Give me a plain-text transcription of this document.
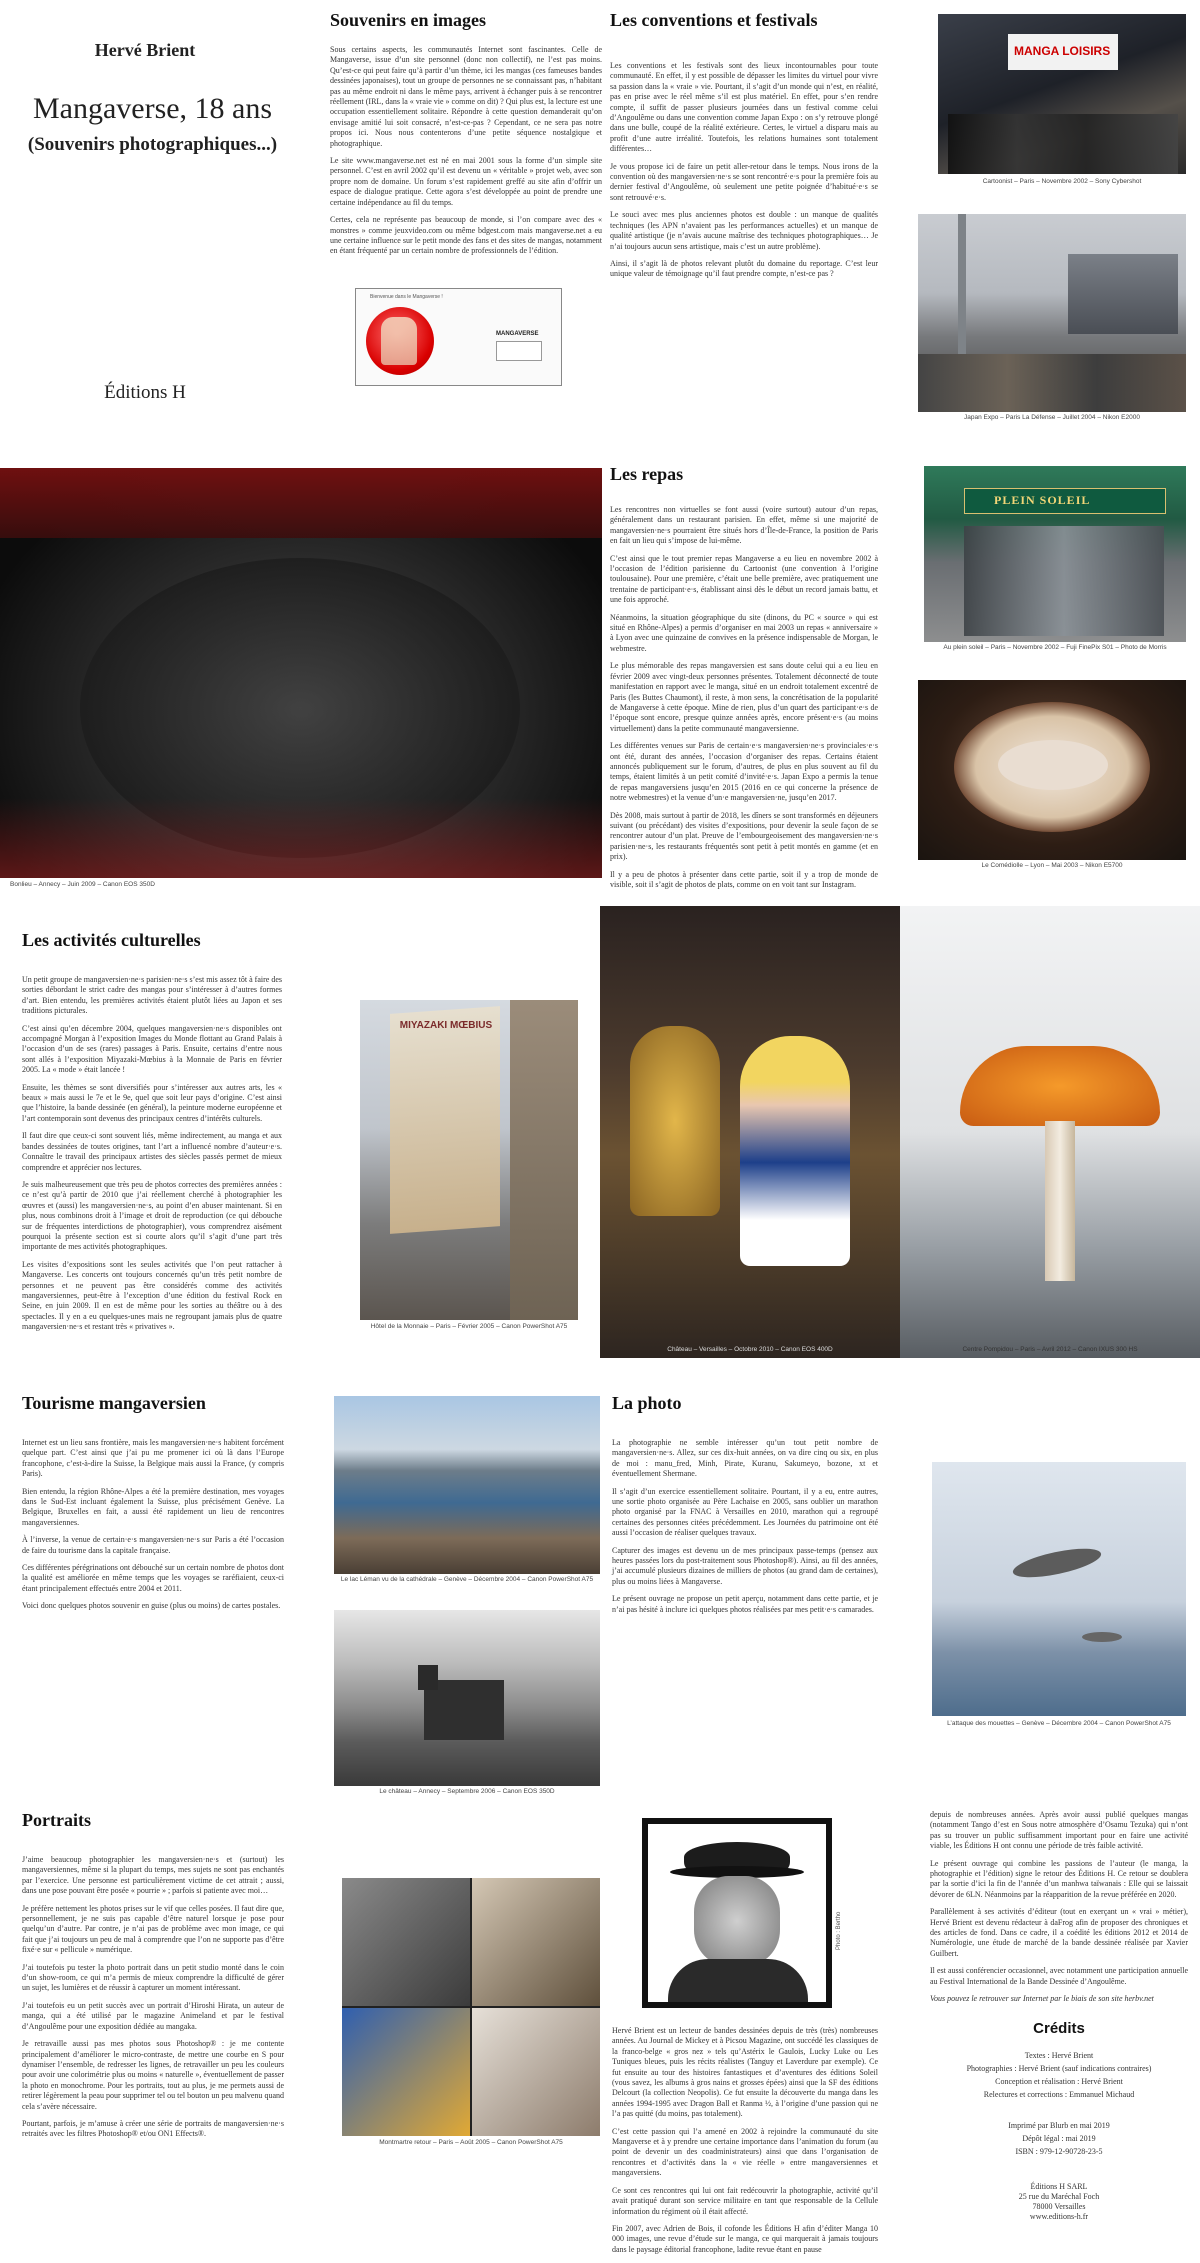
Hervé Brient
Mangaverse, 18 ans
(Souvenirs photographiques...)
Éditions H
Souvenirs en images

Sous certains aspects, les communautés Internet sont fascinantes. Celle de Mangaverse, issue d’un site personnel (donc non collectif), ne l’est pas moins. Qu’est-ce qui peut faire qu’à partir d’un thème, ici les mangas (ces fameuses bandes dessinées japonaises), tout un groupe de personnes ne se connaissant pas, n’habitant pas au même endroit ni dans le même pays, arrivent à échanger puis à se rencontrer réellement (IRL, dans la « vraie vie » comme on dit) ? Qui plus est, la lecture est une occupation essentiellement solitaire. Répondre à cette question demanderait qu’on envisage amitié lui soit consacré, n’est-ce-pas ? Cependant, ce ne sera pas notre propos ici. Nous nous contenterons d’une petite séquence nostalgique et photographique.

Le site www.mangaverse.net est né en mai 2001 sous la forme d’un simple site personnel. C’est en avril 2002 qu’il est devenu un « véritable » projet web, avec son propre nom de domaine. Un forum s’est rapidement greffé au site afin d’offrir un espace de dialogue pratique. Cette agora s’est développée au point de prendre une certaine indépendance au fil du temps.

Certes, cela ne représente pas beaucoup de monde, si l’on compare avec des « monstres » comme jeuxvideo.com ou même bdgest.com mais mangaverse.net a eu une certaine influence sur le petit monde des fans et des sites de mangas, notamment en étant fréquenté par un certain nombre de professionnels de l’édition.

Bienvenue dans le Mangaverse !
MANGAVERSE
Les conventions et festivals

Les conventions et les festivals sont des lieux incontournables pour toute communauté. En effet, il y est possible de dépasser les limites du virtuel pour vivre sa passion dans la « vraie » vie. Pourtant, il s’agit d’un monde qui n’est, en réalité, pas en prise avec le réel même s’il est plus matériel. En effet, pour s’en rendre compte, il suffit de passer plusieurs journées dans un festival comme celui d’Angoulême ou dans une convention comme Japan Expo : on s’y retrouve plongé dans une bulle, coupé de la réalité extérieure. Certes, le virtuel a disparu mais au profit d’une autre irréalité. Toutefois, les relations humaines sont totalement différentes…

Je vous propose ici de faire un petit aller-retour dans le temps. Nous irons de la convention où des mangaversien·ne·s se sont rencontré·e·s pour la première fois au dernier festival d’Angoulême, où seulement une petite poignée d’habitué·e·s se sont retrouvé·e·s.

Le souci avec mes plus anciennes photos est double : un manque de qualités techniques (les APN n’avaient pas les performances actuelles) et un manque de qualité artistique (je n’avais aucune maîtrise des techniques photographiques… Je n’ai toujours aucun sens artistique, mais c’est un autre problème).

Ainsi, il s’agit là de photos relevant plutôt du domaine du reportage. C’est leur unique valeur de témoignage qu’il faut prendre compte, n’est-ce pas ?

MANGA LOISIRS
Cartoonist – Paris – Novembre 2002 – Sony Cybershot
Japan Expo – Paris La Défense – Juillet 2004 – Nikon E2000
Bonlieu – Annecy – Juin 2009 – Canon EOS 350D
Les repas

Les rencontres non virtuelles se font aussi (voire surtout) autour d’un repas, généralement dans un restaurant parisien. En effet, même si une majorité de mangaversien·ne·s pourraient être situés hors d’Île-de-France, la position de Paris en fait un lieu qui s’impose de lui-même.

C’est ainsi que le tout premier repas Mangaverse a eu lieu en novembre 2002 à l’occasion de l’édition parisienne du Cartoonist (une convention à l’origine toulousaine). Pour une première, c’était une belle première, avec pratiquement une trentaine de participant·e·s, établissant ainsi dès le début un record jamais battu, et une fois approché.

Néanmoins, la situation géographique du site (dinons, du PC « source » qui est situé en Rhône-Alpes) a permis d’organiser en mai 2003 un repas « anniversaire » à Lyon avec une quinzaine de convives en la présence indispensable de Morgan, le webmestre.

Le plus mémorable des repas mangaversien est sans doute celui qui a eu lieu en février 2009 avec vingt-deux personnes présentes. Totalement déconnecté de toute manifestation en rapport avec le manga, situé en un endroit totalement excentré de Paris (les Buttes Chaumont), il reste, à mon sens, la concrétisation de la popularité de Mangaverse à cette époque. Mine de rien, plus d’un quart des participant·e·s de l’époque sont encore, presque quinze années après, encore présent·e·s (au moins virtuellement) dans la petite communauté mangaversienne.

Les différentes venues sur Paris de certain·e·s mangaversien·ne·s provinciales·e·s ont été, durant des années, l’occasion d’organiser des repas. Certains étaient annoncés publiquement sur le forum, d’autres, de plus en plus souvent au fil du temps, étaient limités à un petit comité d’invité·e·s. Japan Expo a permis la tenue de repas mangaversiens jusqu’en 2015 (2016 en ce qui concerne la présence de notre webmestres) et la venue d’un·e mangaversien·ne, jusqu’en 2017.

Dès 2008, mais surtout à partir de 2018, les dîners se sont transformés en déjeuners suivant (ou précédant) des visites d’expositions, pour devenir la seule façon de se rencontrer autour d’un plat. Preuve de l’embourgeoisement des mangaversien·ne·s parisien·ne·s, les restaurants fréquentés sont petit à petit montés en gamme (et en prix).

Il y a peu de photos à présenter dans cette partie, soit il y a trop de monde de visible, soit il s’agit de photos de plats, comme on en voit tant sur Instagram.

PLEIN SOLEIL
Au plein soleil – Paris – Novembre 2002 – Fuji FinePix S01 – Photo de Morris
Le Comédiolle – Lyon – Mai 2003 – Nikon E5700
Les activités culturelles

Un petit groupe de mangaversien·ne·s parisien·ne·s s’est mis assez tôt à faire des sorties débordant le strict cadre des mangas pour s’intéresser à d’autres formes d’art. Bien entendu, les premières activités étaient plutôt liées au Japon et ses traditions picturales.

C’est ainsi qu’en décembre 2004, quelques mangaversien·ne·s disponibles ont accompagné Morgan à l’exposition Images du Monde flottant au Grand Palais à l’occasion d’un de ses (rares) passages à Paris. Ensuite, certains d’entre nous sont allés à l’exposition Miyazaki-Mœbius à la Monnaie de Paris en février 2005. La « mode » était lancée !

Ensuite, les thèmes se sont diversifiés pour s’intéresser aux autres arts, les « beaux » mais aussi le 7e et le 9e, quel que soit leur pays d’origine. C’est ainsi que l’histoire, la bande dessinée (en général), la peinture moderne européenne et l’art contemporain sont devenus des principaux centres d’intérêts culturels.

Il faut dire que ceux-ci sont souvent liés, même indirectement, au manga et aux bandes dessinées de toutes origines, tant l’art a influencé nombre d’auteur·e·s. Connaître le travail des principaux artistes des siècles passés permet de mieux comprendre et apprécier nos lectures.

Je suis malheureusement que très peu de photos correctes des premières années : ce n’est qu’à partir de 2010 que j’ai réellement cherché à photographier les œuvres et (aussi) les mangaversien·ne·s, au point d’en abuser maintenant. Si en plus, nous combinons droit à l’image et droit de reproduction (ce qui débouche sur de fréquentes interdictions de photographier), vous comprendrez aisément pourquoi la présente section est si courte alors qu’il s’agit d’une part très importante de mes activités photographiques.

Les visites d’expositions sont les seules activités que l’on peut rattacher à Mangaverse. Les concerts ont toujours concernés qu’un très petit nombre de personnes et ne peuvent pas être considérés comme des activités mangaversiennes, peut-être à l’exception d’une édition du festival Rock en Seine, en juin 2009. Il en est de même pour les sorties au théâtre ou à des spectacles. Il y en a eu quelques-unes mais ne regroupant jamais plus de quatre mangaversien·ne·s et restant très « privatives ».

MIYAZAKI MŒBIUS
Hôtel de la Monnaie – Paris – Février 2005 – Canon PowerShot A75
Château – Versailles – Octobre 2010 – Canon EOS 400D	Centre Pompidou – Paris – Avril 2012 – Canon IXUS 300 HS
Tourisme mangaversien

Internet est un lieu sans frontière, mais les mangaversien·ne·s habitent forcément quelque part. C’est ainsi que j’ai pu me promener ici où là dans l’Europe francophone, c’est-à-dire la Suisse, la Belgique mais aussi la France, (y compris Paris).

Bien entendu, la région Rhône-Alpes a été la première destination, mes voyages dans le Sud-Est incluant également la Suisse, plus précisément Genève. La Belgique, Bruxelles en fait, a aussi été rapidement un lieu de rencontres mangaversiennes.

À l’inverse, la venue de certain·e·s mangaversien·ne·s sur Paris a été l’occasion de faire du tourisme dans la capitale française.

Ces différentes pérégrinations ont débouché sur un certain nombre de photos dont la qualité est améliorée en même temps que les voyages se raréfiaient, ceux-ci étant principalement effectués entre 2004 et 2011.

Voici donc quelques photos souvenir en guise (plus ou moins) de cartes postales.

Le lac Léman vu de la cathédrale – Genève – Décembre 2004 – Canon PowerShot A75
Le château – Annecy – Septembre 2006 – Canon EOS 350D
La photo

La photographie ne semble intéresser qu’un tout petit nombre de mangaversien·ne·s. Allez, sur ces dix-huit années, on va dire cinq ou six, en plus de moi : manu_fred, Minh, Pirate, Kuranu, Sakumeyo, bozone, xt et éventuellement Shermane.

Il s’agit d’un exercice essentiellement solitaire. Pourtant, il y a eu, entre autres, une sortie photo organisée au Père Lachaise en 2005, sans oublier un marathon photo organisé par la FNAC à Versailles en 2010, marathon qui a regroupé certaines des personnes citées précédemment. Les Journées du patrimoine ont été aussi l’occasion de réaliser quelques travaux.

Capturer des images est devenu un de mes principaux passe-temps (pensez aux heures passées lors du post-traitement sous Photoshop®). Ainsi, au fil des années, j’ai accumulé plusieurs dizaines de milliers de photos (au grand dam de certaines), plus ou moins liées à Mangaverse.

Le présent ouvrage ne propose un petit aperçu, notamment dans cette partie, et je n’ai pas hésité à inclure ici quelques photos réalisées par mes petit·e·s camarades.

L’attaque des mouettes – Genève – Décembre 2004 – Canon PowerShot A75
Portraits

J’aime beaucoup photographier les mangaversien·ne·s et (surtout) les mangaversiennes, même si la plupart du temps, mes sujets ne sont pas enchantés par l’exercice. Une personne est particulièrement victime de cet attrait ; aussi, dans une pose pouvant être posée « pourrie » ; parfois si patiente avec moi…

Je préfère nettement les photos prises sur le vif que celles posées. Il faut dire que, personnellement, je ne suis pas capable d’être naturel lorsque je pose pour quelqu’un d’autre. Par contre, je n’ai pas de problème avec mon image, ce qui fait que j’ai toujours un peu de mal à comprendre que l’on ne supporte pas d’être fixé·e sur « pellicule » numérique.

J’ai toutefois pu tester la photo portrait dans un petit studio monté dans le coin d’un show-room, ce qui m’a permis de mieux comprendre la difficulté de gérer un sujet, les lumières et de réussir à capturer un moment intéressant.

J’ai toutefois eu un petit succès avec un portrait d’Hiroshi Hirata, un auteur de manga, qui a été utilisé par le magazine Animeland et par le festival d’Angoulême pour une exposition dédiée au mangaka.

Je retravaille aussi pas mes photos sous Photoshop® : je me contente principalement d’améliorer le micro-contraste, de mettre une courbe en S pour dynamiser l’ensemble, de redresser les lignes, de retravailler un peu les couleurs pour avoir une colorimétrie plus ou moins « naturelle », éventuellement de passer la photo en monochrome. Pour les portraits, tout au plus, je me permets aussi de retirer légèrement la peau pour supprimer tel ou tel bouton un peu malvenu quand cela s’avère nécessaire.

Pourtant, parfois, je m’amuse à créer une série de portraits de mangaversien·ne·s retraités avec les filtres Photoshop® et/ou ON1 Effects®.

Montmartre retour – Paris – Août 2005 – Canon PowerShot A75
Photo : Bertho

Hervé Brient est un lecteur de bandes dessinées depuis de très (très) nombreuses années. Au Journal de Mickey et à Picsou Magazine, ont succédé les classiques de la franco-belge « gros nez » tels qu’Astérix le Gaulois, Lucky Luke ou Les Tuniques bleues, puis les récits réalistes (Tanguy et Laverdure par exemple). Ce fut ensuite au tour des histoires fantastiques et d’aventures des éditions Soleil (vous savez, les albums à gros nains et grosses épées) ainsi que la SF des éditions Delcourt (la collection Neopolis). Ce fut ensuite la découverte du manga dans les années 1994-1995 avec Dragon Ball et Ranma ½, à l’origine d’une passion qui ne l’a pas quitté (du moins, pas totalement).

C’est cette passion qui l’a amené en 2002 à rejoindre la communauté du site Mangaverse et à y prendre une certaine importance dans l’animation du forum (au point de devenir un des coadministrateurs) ainsi que dans l’organisation de rencontres et d’activités dans la « vie réelle » entre mangaversiennes et mangaversiens.

Ce sont ces rencontres qui lui ont fait redécouvrir la photographie, activité qu’il avait pratiqué durant son service militaire en tant que responsable de la Cellule information du régiment où il était affecté.

Fin 2007, avec Adrien de Bois, il cofonde les Éditions H afin d’éditer Manga 10 000 images, une revue d’étude sur le manga, ce qui marquerait à jamais toujours dans le paysage éditorial francophone, ladite revue étant en pause

depuis de nombreuses années. Après avoir aussi publié quelques mangas (notamment Tango d’est en Sous notre atmosphère d’Osamu Tezuka) qui n’ont pas su trouver un public suffisamment important pour en faire une activité viable, les Éditions H ont connu une période de très faible activité.

Le présent ouvrage qui combine les passions de l’auteur (le manga, la photographie et l’édition) signe le retour des Éditions H. Ce retour se doublera par la sortie d’ici la fin de l’année d’un manhwa taïwanais : Elle qui se laissait dévorer de 6LN. Néanmoins par la réapparition de la revue préférée en 2020.

Parallèlement à ses activités d’éditeur (tout en exerçant un « vrai » métier), Hervé Brient est devenu rédacteur à daFrog afin de proposer des chroniques et des articles de fond. Dans ce cadre, il a coédité les éditions 2012 et 2014 de Numérologie, une étude de marché de la bande dessinée réalisée par Xavier Guilbert.

Il est aussi conférencier occasionnel, avec notamment une participation annuelle au Festival International de la Bande Dessinée d’Angoulême.

Vous pouvez le retrouver sur Internet par le biais de son site herbv.net

Crédits
Textes : Hervé Brient
Photographies : Hervé Brient (sauf indications contraires)
Conception et réalisation : Hervé Brient
Relectures et corrections : Emmanuel Michaud
Imprimé par Blurb en mai 2019
Dépôt légal : mai 2019
ISBN : 979-12-90728-23-5
Éditions H SARL
25 rue du Maréchal Foch
78000 Versailles
www.editions-h.fr
